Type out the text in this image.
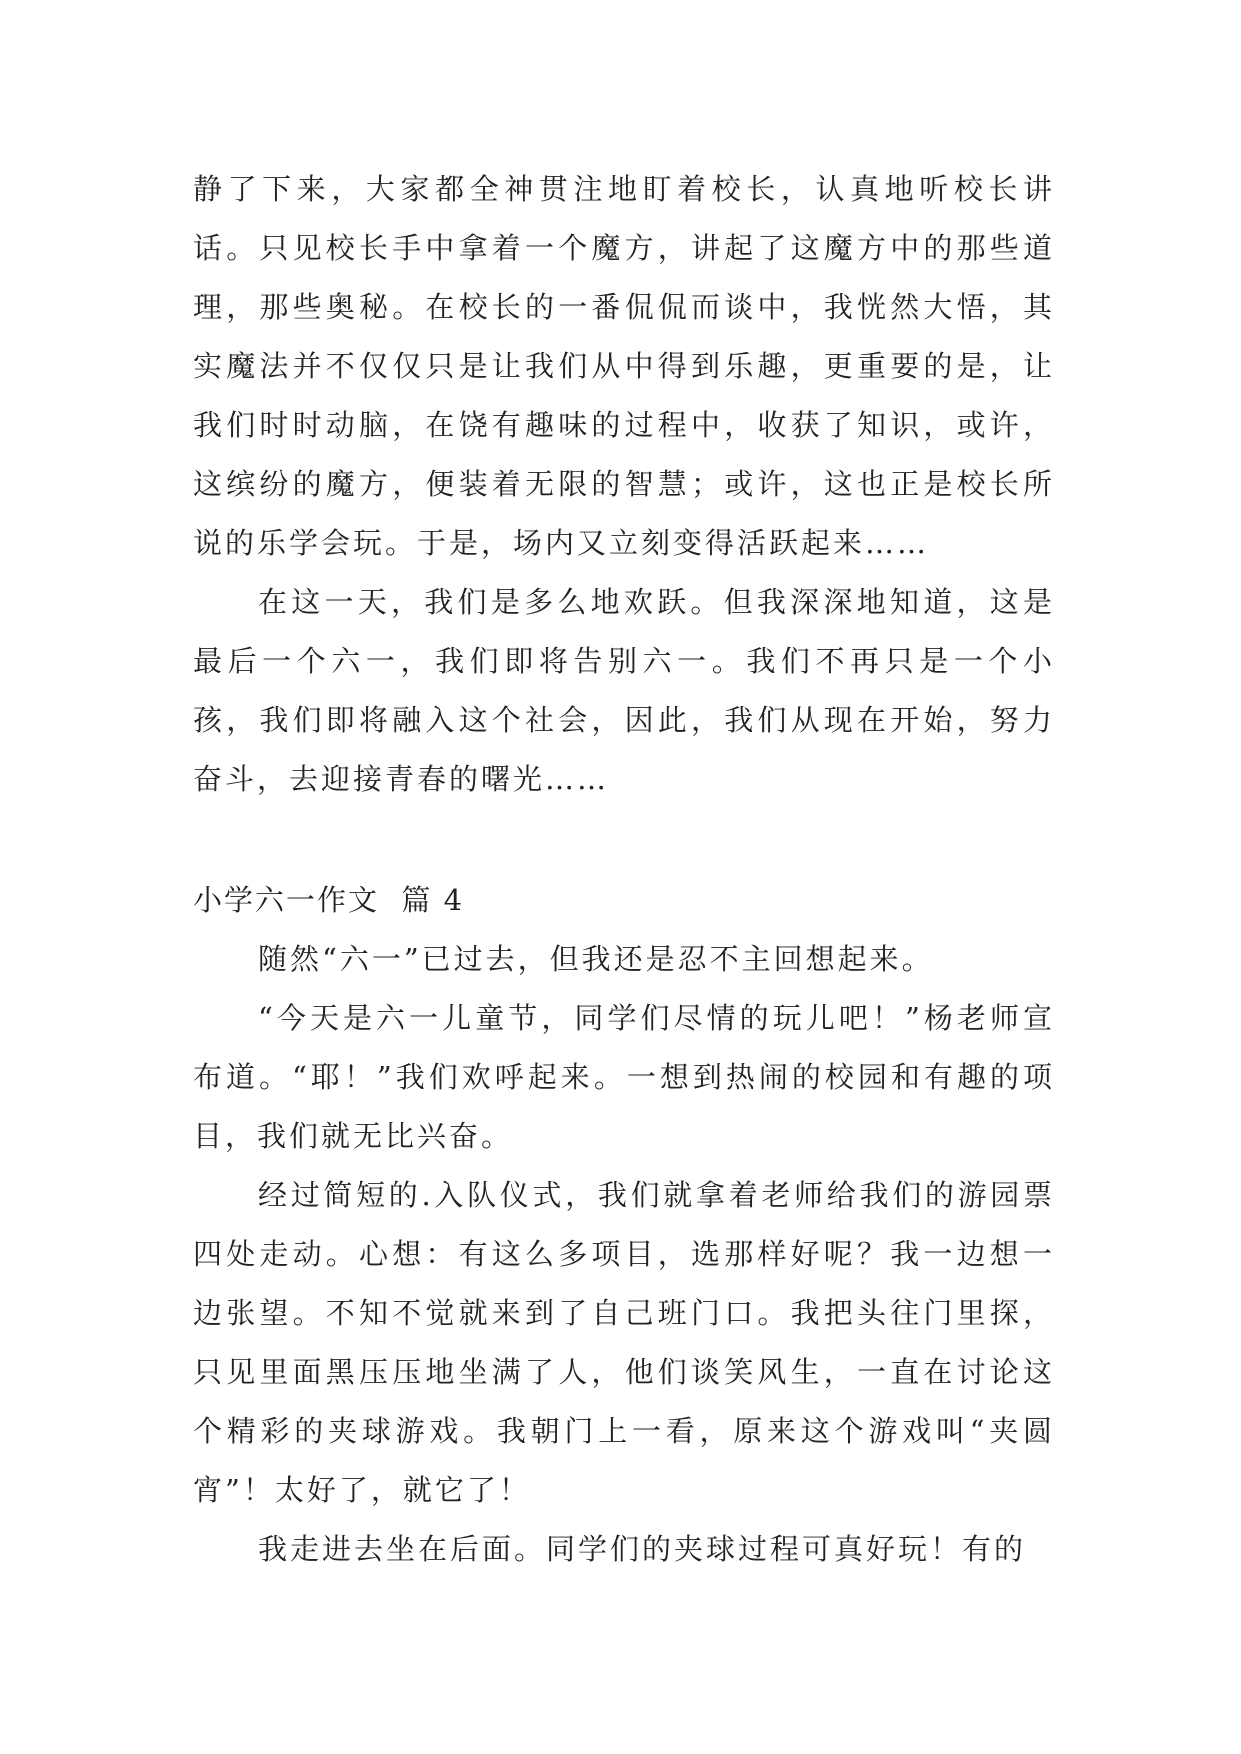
静了下来，大家都全神贯注地盯着校长，认真地听校长讲话。只见校长手中拿着一个魔方，讲起了这魔方中的那些道理，那些奥秘。在校长的一番侃侃而谈中，我恍然大悟，其实魔法并不仅仅只是让我们从中得到乐趣，更重要的是，让我们时时动脑，在饶有趣味的过程中，收获了知识，或许，这缤纷的魔方，便装着无限的智慧；或许，这也正是校长所说的乐学会玩。于是，场内又立刻变得活跃起来……

在这一天，我们是多么地欢跃。但我深深地知道，这是最后一个六一，我们即将告别六一。我们不再只是一个小孩，我们即将融入这个社会，因此，我们从现在开始，努力奋斗，去迎接青春的曙光……

小学六一作文  篇 4

随然“六一”已过去，但我还是忍不主回想起来。

“今天是六一儿童节，同学们尽情的玩儿吧！”杨老师宣布道。“耶！”我们欢呼起来。一想到热闹的校园和有趣的项目，我们就无比兴奋。

经过简短的.入队仪式，我们就拿着老师给我们的游园票四处走动。心想：有这么多项目，选那样好呢？我一边想一边张望。不知不觉就来到了自己班门口。我把头往门里探，只见里面黑压压地坐满了人，他们谈笑风生，一直在讨论这个精彩的夹球游戏。我朝门上一看，原来这个游戏叫“夹圆宵”！太好了，就它了！

我走进去坐在后面。同学们的夹球过程可真好玩！有的
